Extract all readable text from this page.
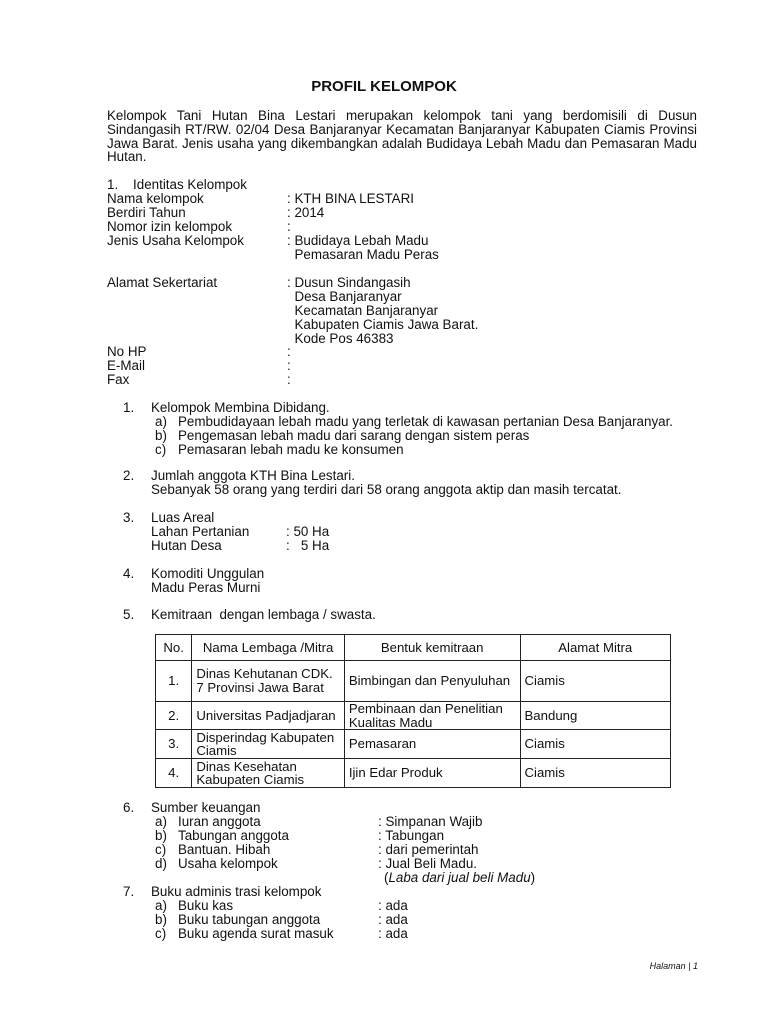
PROFIL KELOMPOK
Kelompok Tani Hutan Bina Lestari merupakan kelompok tani yang berdomisili di Dusun Sindangasih RT/RW. 02/04 Desa Banjaranyar Kecamatan Banjaranyar Kabupaten Ciamis Provinsi Jawa Barat. Jenis usaha yang dikembangkan adalah Budidaya Lebah Madu dan Pemasaran Madu Hutan.
1.    Identitas Kelompok
Nama kelompok	: KTH BINA LESTARI
Berdiri Tahun	: 2014
Nomor izin kelompok	:
Jenis Usaha Kelompok	: Budidaya Lebah Madu
Pemasaran Madu Peras
Alamat Sekertariat	: Dusun Sindangasih
Desa Banjaranyar
Kecamatan Banjaranyar
Kabupaten Ciamis Jawa Barat.
Kode Pos 46383
No HP	:
E-Mail	:
Fax	:
1. Kelompok Membina Dibidang.
a) Pembudidayaan lebah madu yang terletak di kawasan pertanian Desa Banjaranyar.
b) Pengemasan lebah madu dari sarang dengan sistem peras
c) Pemasaran lebah madu ke konsumen
2. Jumlah anggota KTH Bina Lestari.
Sebanyak 58 orang yang terdiri dari 58 orang anggota aktip dan masih tercatat.
3. Luas Areal
Lahan Pertanian	: 50 Ha
Hutan Desa	:   5 Ha
4. Komoditi Unggulan
Madu Peras Murni
5. Kemitraan  dengan lembaga / swasta.
No.	Nama Lembaga /Mitra	Bentuk kemitraan	Alamat Mitra
1.	Dinas Kehutanan CDK. 7 Provinsi Jawa Barat	Bimbingan dan Penyuluhan	Ciamis
2.	Universitas Padjadjaran	Pembinaan dan Penelitian Kualitas Madu	Bandung
3.	Disperindag Kabupaten Ciamis	Pemasaran	Ciamis
4.	Dinas Kesehatan Kabupaten Ciamis	Ijin Edar Produk	Ciamis
6. Sumber keuangan
a) Iuran anggota	: Simpanan Wajib
b) Tabungan anggota	: Tabungan
c) Bantuan. Hibah	: dari pemerintah
d) Usaha kelompok	: Jual Beli Madu.
(Laba dari jual beli Madu)
7. Buku adminis trasi kelompok
a) Buku kas	: ada
b) Buku tabungan anggota	: ada
c) Buku agenda surat masuk	: ada
Halaman | 1
